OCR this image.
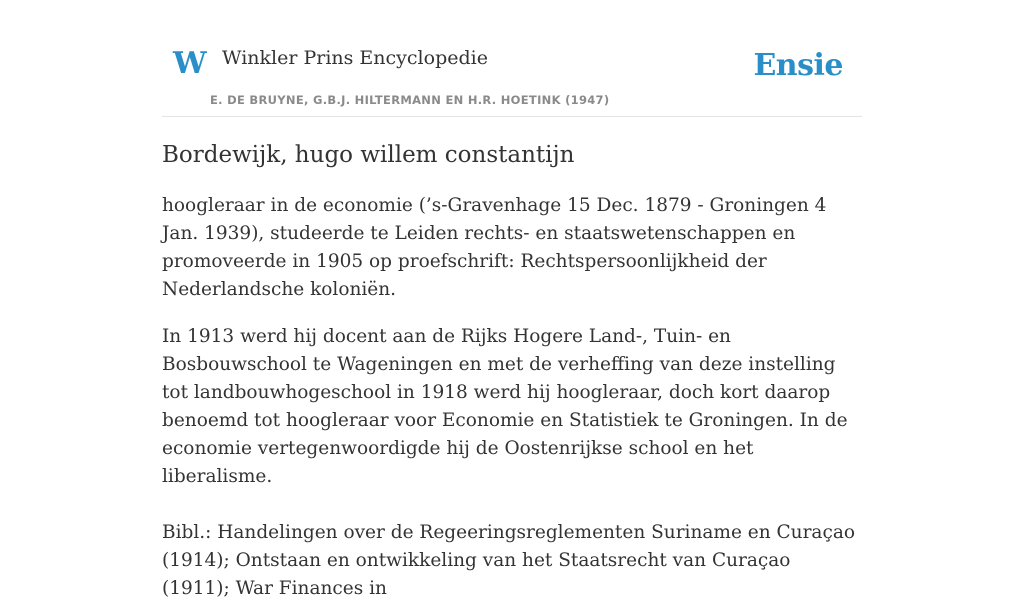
W Winkler Prins Encyclopedie
E. DE BRUYNE, G.B.J. HILTERMANN EN H.R. HOETINK (1947)
Ensie
Bordewijk, hugo willem constantijn

hoogleraar in de economie (’s-Gravenhage 15 Dec. 1879 - Groningen 4 Jan. 1939), studeerde te Leiden rechts- en staatswetenschappen en promoveerde in 1905 op proefschrift: Rechtspersoonlijkheid der Nederlandsche koloniën.

In 1913 werd hij docent aan de Rijks Hogere Land-, Tuin- en Bosbouwschool te Wageningen en met de verheffing van deze instelling tot landbouwhogeschool in 1918 werd hij hoogleraar, doch kort daarop benoemd tot hoogleraar voor Economie en Statistiek te Groningen. In de economie vertegenwoordigde hij de Oostenrijkse school en het liberalisme.

Bibl.: Handelingen over de Regeeringsreglementen Suriname en Curaçao (1914); Ontstaan en ontwikkeling van het Staatsrecht van Curaçao (1911); War Finances in
